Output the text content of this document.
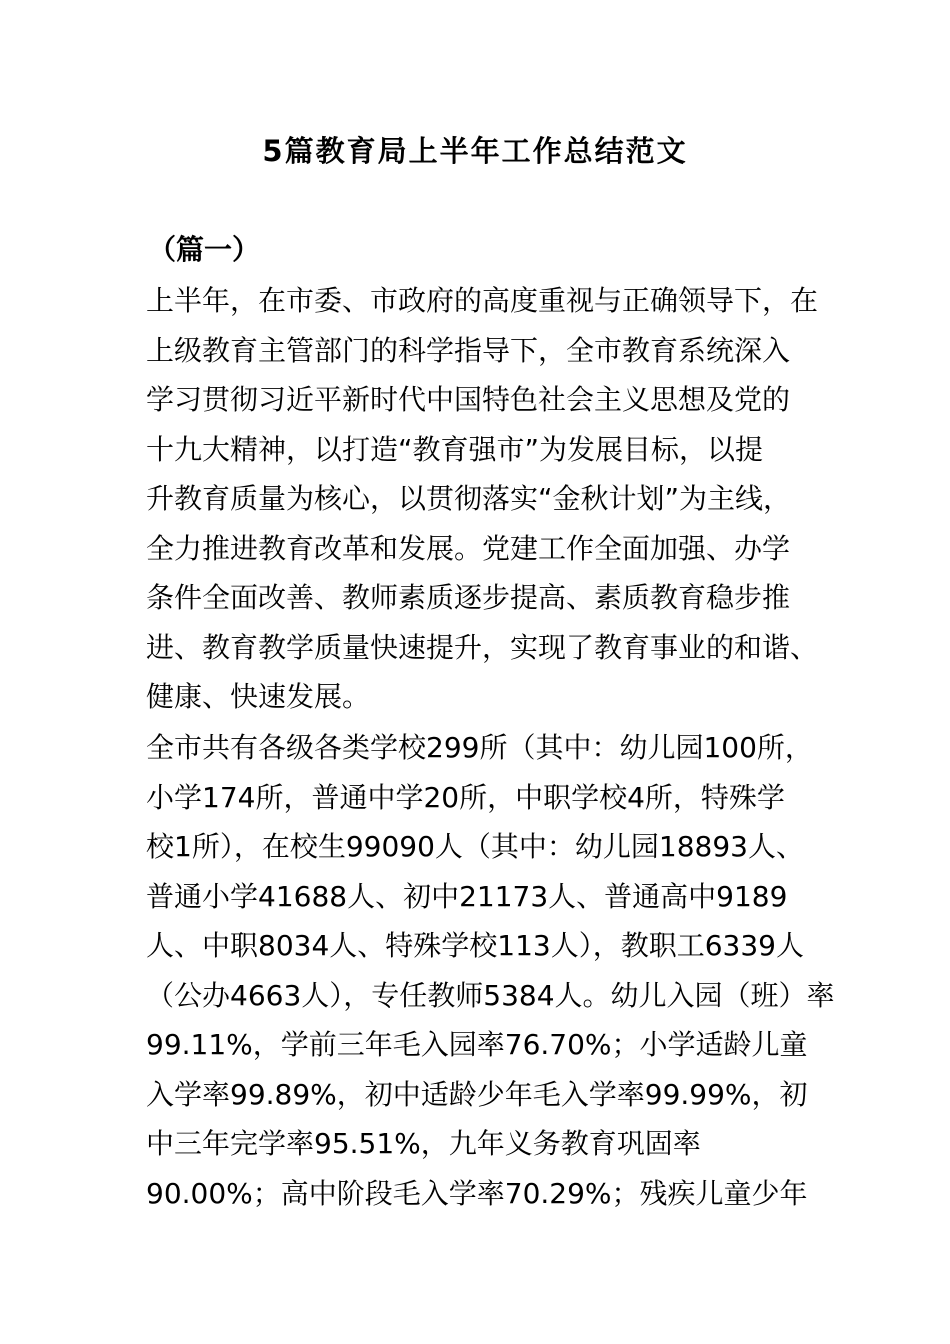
5篇教育局上半年工作总结范文
（篇一）
上半年，在市委、市政府的高度重视与正确领导下，在
上级教育主管部门的科学指导下，全市教育系统深入
学习贯彻习近平新时代中国特色社会主义思想及党的
十九大精神，以打造“教育强市”为发展目标，以提
升教育质量为核心，以贯彻落实“金秋计划”为主线，
全力推进教育改革和发展。党建工作全面加强、办学
条件全面改善、教师素质逐步提高、素质教育稳步推
进、教育教学质量快速提升，实现了教育事业的和谐、
健康、快速发展。
全市共有各级各类学校299所（其中：幼儿园100所，
小学174所，普通中学20所，中职学校4所，特殊学
校1所），在校生99090人（其中：幼儿园18893人、
普通小学41688人、初中21173人、普通高中9189
人、中职8034人、特殊学校113人），教职工6339人
（公办4663人），专任教师5384人。幼儿入园（班）率
99.11%，学前三年毛入园率76.70%；小学适龄儿童
入学率99.89%，初中适龄少年毛入学率99.99%，初
中三年完学率95.51%，九年义务教育巩固率
90.00%；高中阶段毛入学率70.29%；残疾儿童少年
